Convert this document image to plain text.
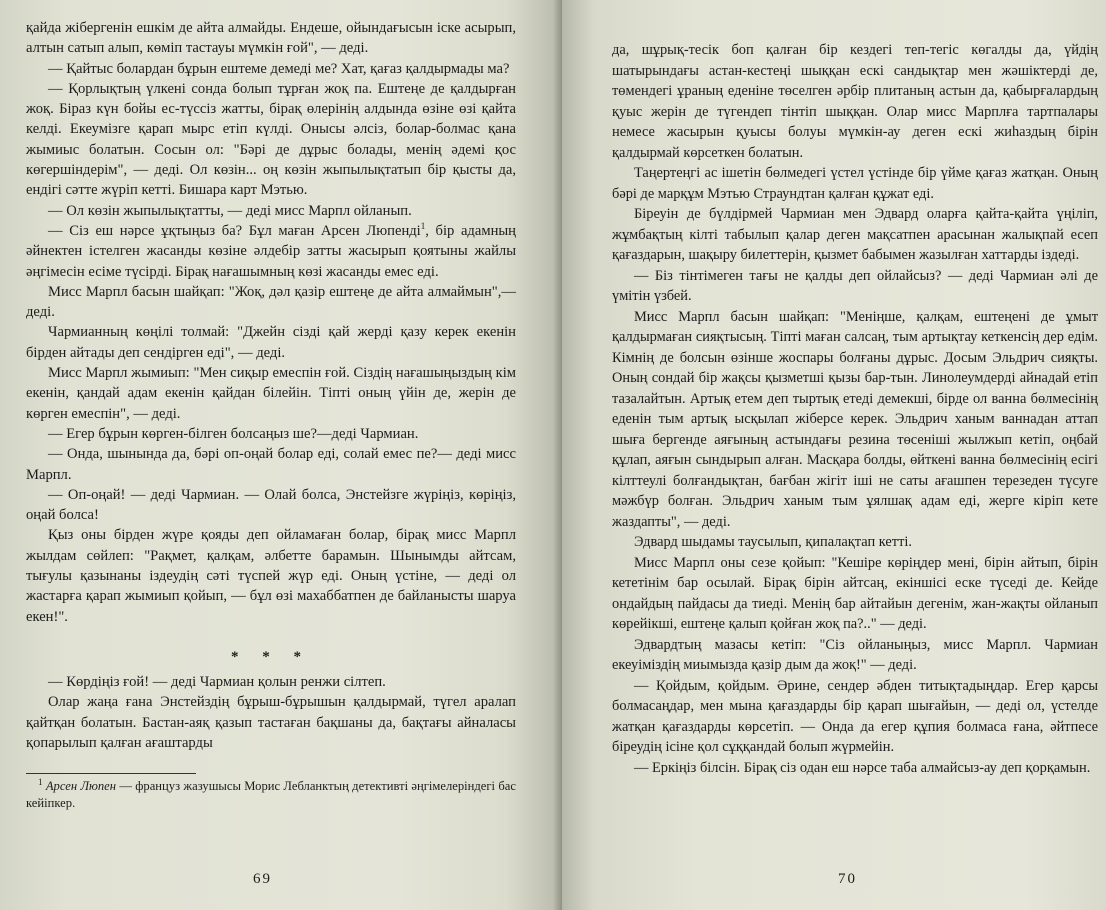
қайда жібергенін ешкім де айта алмайды. Ендеше, ойындағысын іске асырып, алтын сатып алып, көміп тастауы мүмкін ғой", — деді.

— Қайтыс болардан бұрын ештеме демеді ме? Хат, қағаз қалдырмады ма?

— Қорлықтың үлкені сонда болып тұрған жоқ па. Ештеңе де қалдырған жоқ. Біраз күн бойы ес-түссіз жатты, бірақ өлерінің алдында өзіне өзі қайта келді. Екеумізге қарап мырс етіп күлді. Онысы әлсіз, болар-болмас қана жымиыс болатын. Сосын ол: "Бәрі де дұрыс болады, менің әдемі қос көгершіндерім", — деді. Ол көзін... оң көзін жыпылықтатып бір қысты да, ендігі сәтте жүріп кетті. Бишара карт Мэтью.

— Ол көзін жыпылықтатты, — деді мисс Марпл ойланып.

— Сіз еш нәрсе ұқтыңыз ба? Бұл маған Арсен Люпенді$^1$, бір адамның әйнектен істелген жасанды көзіне әлдебір затты жасырып қоятыны жайлы әңгімесін есіме түсірді. Бірақ нағашымның көзі жасанды емес еді.

Мисс Марпл басын шайқап: "Жоқ, дәл қазір ештеңе де айта алмаймын",— деді.

Чармианның көңілі толмай: "Джейн сізді қай жерді қазу керек екенін бірден айтады деп сендірген еді", — деді.

Мисс Марпл жымиып: "Мен сиқыр емеспін ғой. Сіздің нағашыңыздың кім екенін, қандай адам екенін қайдан білейін. Тіпті оның үйін де, жерін де көрген емеспін", — деді.

— Егер бұрын көрген-білген болсаңыз ше?—деді Чармиан.

— Онда, шынында да, бәрі оп-оңай болар еді, солай емес пе?— деді мисс Марпл.

— Оп-оңай! — деді Чармиан. — Олай болса, Энстейзге жүріңіз, көріңіз, оңай болса!

Қыз оны бірден жүре қояды деп ойламаған болар, бірақ мисс Марпл жылдам сөйлеп: "Рақмет, қалқам, әлбетте барамын. Шынымды айтсам, тығулы қазынаны іздеудің сәті түспей жүр еді. Оның үстіне, — деді ол жастарға қарап жымиып қойып, — бұл өзі махаббатпен де байланысты шаруа екен!".

* * *

— Көрдіңіз ғой! — деді Чармиан қолын ренжи сілтеп.

Олар жаңа ғана Энстейздің бұрыш-бұрышын қалдырмай, түгел аралап қайтқан болатын. Бастан-аяқ қазып тастаған бақшаны да, бақтағы айналасы қопарылып қалған ағаштарды

$^1$ Арсен Люпен — француз жазушысы Морис Лебланктың детективті әңгімелеріндегі бас кейіпкер.
69

да, шұрық-тесік боп қалған бір кездегі теп-тегіс көгалды да, үйдің шатырындағы астан-кестеңі шыққан ескі сандықтар мен жәшіктерді де, төмендегі ұраның еденіне төселген әрбір плитаның астын да, қабырғалардың қуыс жерін де түгендеп тінтіп шыққан. Олар мисс Марплға тартпалары немесе жасырын қуысы болуы мүмкін-ау деген ескі жиһаздың бірін қалдырмай көрсеткен болатын.

Таңертеңгі ас ішетін бөлмедегі үстел үстінде бір үйме қағаз жатқан. Оның бәрі де марқұм Мэтью Страундтан қалған құжат еді.

Біреуін де бүлдірмей Чармиан мен Эдвард оларға қайта-қайта үңіліп, жұмбақтың кілті табылып қалар деген мақсатпен арасынан жалықпай есеп қағаздарын, шақыру билеттерін, қызмет бабымен жазылған хаттарды іздеді.

— Біз тінтімеген тағы не қалды деп ойлайсыз? — деді Чармиан әлі де үмітін үзбей.

Мисс Марпл басын шайқап: "Меніңше, қалқам, ештеңені де ұмыт қалдырмаған сияқтысың. Тіпті маған салсаң, тым артықтау кеткенсің дер едім. Кімнің де болсын өзінше жоспары болғаны дұрыс. Досым Эльдрич сияқты. Оның сондай бір жақсы қызметші қызы бар-тын. Линолеумдерді айнадай етіп тазалайтын. Артық етем деп тыртық етеді демекші, бірде ол ванна бөлмесінің еденін тым артық ысқылап жіберсе керек. Эльдрич ханым ваннадан аттап шыға бергенде аяғының астындағы резина төсеніші жылжып кетіп, оңбай құлап, аяғын сындырып алған. Масқара болды, өйткені ванна бөлмесінің есігі кілттеулі болғандықтан, бағбан жігіт іші не саты ағашпен терезеден түсуге мәжбүр болған. Эльдрич ханым тым ұялшақ адам еді, жерге кіріп кете жаздапты", — деді.

Эдвард шыдамы таусылып, қипалақтап кетті.

Мисс Марпл оны сезе қойып: "Кешіре көріңдер мені, бірін айтып, бірін кететінім бар осылай. Бірақ бірін айтсаң, екіншісі еске түседі де. Кейде ондайдың пайдасы да тиеді. Менің бар айтайын дегенім, жан-жақты ойланып көрейікші, ештеңе қалып қойған жоқ па?.." — деді.

Эдвардтың мазасы кетіп: "Сіз ойланыңыз, мисс Марпл. Чармиан екеуіміздің миымызда қазір дым да жоқ!" — деді.

— Қойдым, қойдым. Әрине, сендер әбден титықтадыңдар. Егер қарсы болмасаңдар, мен мына қағаздарды бір қарап шығайын, — деді ол, үстелде жатқан қағаздарды көрсетіп. — Онда да егер құпия болмаса ғана, әйтпесе біреудің ісіне қол сұққандай болып жүрмейін.

— Еркіңіз білсін. Бірақ сіз одан еш нәрсе таба алмайсыз-ау деп қорқамын.

70
